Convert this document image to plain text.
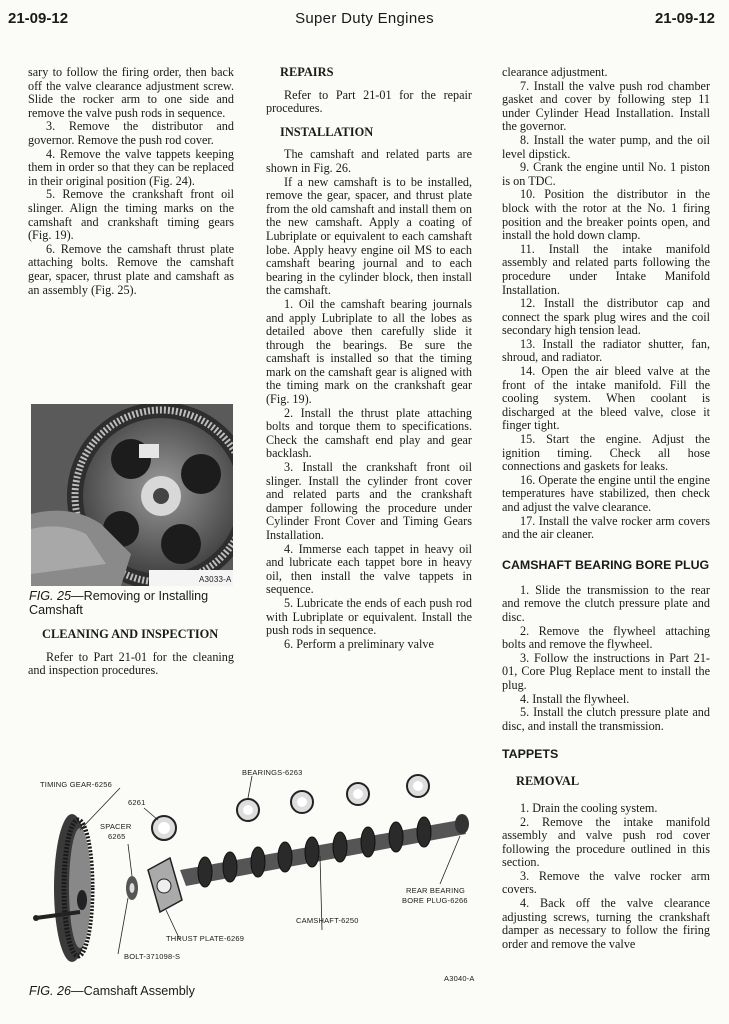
21-09-12	Super Duty Engines	21-09-12

sary to follow the firing order, then back off the valve clearance adjustment screw. Slide the rocker arm to one side and remove the valve push rods in sequence.

3. Remove the distributor and governor. Remove the push rod cover.

4. Remove the valve tappets keeping them in order so that they can be replaced in their original position (Fig. 24).

5. Remove the crankshaft front oil slinger. Align the timing marks on the camshaft and crankshaft timing gears (Fig. 19).

6. Remove the camshaft thrust plate attaching bolts. Remove the camshaft gear, spacer, thrust plate and camshaft as an assembly (Fig. 25).

A3033-A
FIG. 25—Removing or Installing Camshaft
CLEANING AND INSPECTION

Refer to Part 21-01 for the cleaning and inspection procedures.

REPAIRS

Refer to Part 21-01 for the repair procedures.

INSTALLATION

The camshaft and related parts are shown in Fig. 26.

If a new camshaft is to be installed, remove the gear, spacer, and thrust plate from the old camshaft and install them on the new camshaft. Apply a coating of Lubriplate or equivalent to each camshaft lobe. Apply heavy engine oil MS to each camshaft bearing journal and to each bearing in the cylinder block, then install the camshaft.

1. Oil the camshaft bearing journals and apply Lubriplate to all the lobes as detailed above then carefully slide it through the bearings. Be sure the camshaft is installed so that the timing mark on the camshaft gear is aligned with the timing mark on the crankshaft gear (Fig. 19).

2. Install the thrust plate attaching bolts and torque them to specifications. Check the camshaft end play and gear backlash.

3. Install the crankshaft front oil slinger. Install the cylinder front cover and related parts and the crankshaft damper following the procedure under Cylinder Front Cover and Timing Gears Installation.

4. Immerse each tappet in heavy oil and lubricate each tappet bore in heavy oil, then install the valve tappets in sequence.

5. Lubricate the ends of each push rod with Lubriplate or equivalent. Install the push rods in sequence.

6. Perform a preliminary valve

clearance adjustment.

7. Install the valve push rod chamber gasket and cover by following step 11 under Cylinder Head Installation. Install the governor.

8. Install the water pump, and the oil level dipstick.

9. Crank the engine until No. 1 piston is on TDC.

10. Position the distributor in the block with the rotor at the No. 1 firing position and the breaker points open, and install the hold down clamp.

11. Install the intake manifold assembly and related parts following the procedure under Intake Manifold Installation.

12. Install the distributor cap and connect the spark plug wires and the coil secondary high tension lead.

13. Install the radiator shutter, fan, shroud, and radiator.

14. Open the air bleed valve at the front of the intake manifold. Fill the cooling system. When coolant is discharged at the bleed valve, close it finger tight.

15. Start the engine. Adjust the ignition timing. Check all hose connections and gaskets for leaks.

16. Operate the engine until the engine temperatures have stabilized, then check and adjust the valve clearance.

17. Install the valve rocker arm covers and the air cleaner.

CAMSHAFT BEARING BORE PLUG

1. Slide the transmission to the rear and remove the clutch pressure plate and disc.

2. Remove the flywheel attaching bolts and remove the flywheel.

3. Follow the instructions in Part 21-01, Core Plug Replace ment to install the plug.

4. Install the flywheel.

5. Install the clutch pressure plate and disc, and install the transmission.

TAPPETS
REMOVAL

1. Drain the cooling system.

2. Remove the intake manifold assembly and valve push rod cover following the procedure outlined in this section.

3. Remove the valve rocker arm covers.

4. Back off the valve clearance adjusting screws, turning the crankshaft damper as necessary to follow the firing order and remove the valve

TIMING GEAR-6256
BEARINGS-6263
6261
SPACER
6265
REAR BEARING
BORE PLUG-6266
CAMSHAFT-6250
THRUST PLATE-6269
BOLT-371098-S
A3040-A
FIG. 26—Camshaft Assembly
